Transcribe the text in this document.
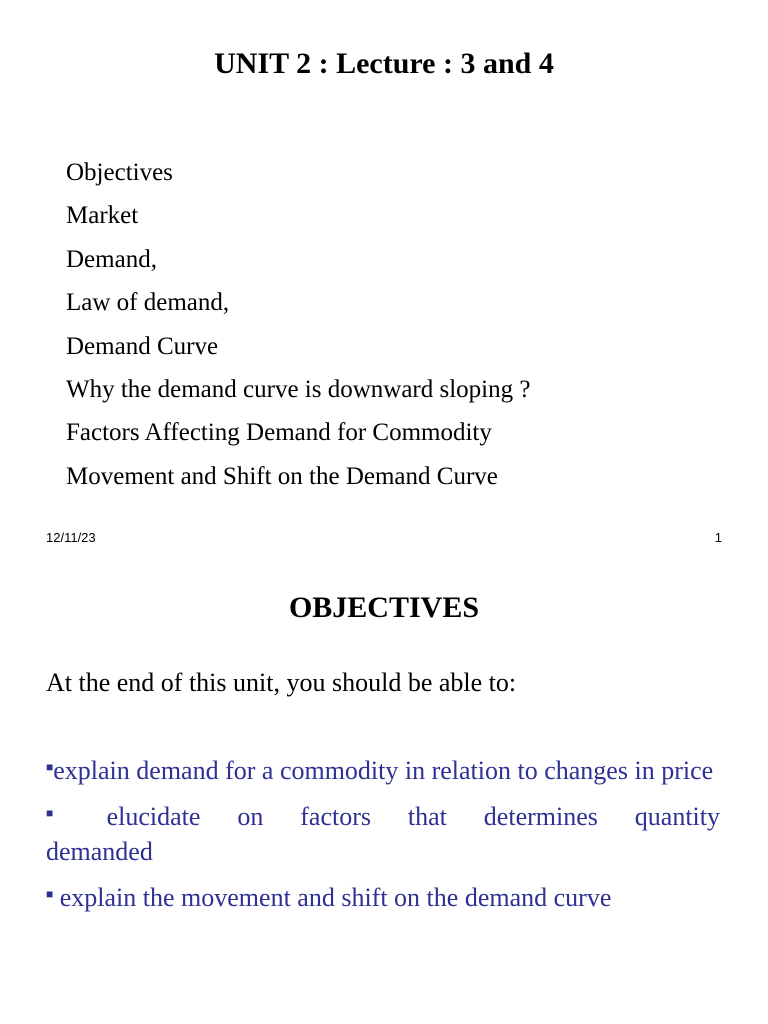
UNIT 2 : Lecture : 3 and 4
Objectives
Market
Demand,
Law of demand,
Demand Curve
Why the demand curve is downward sloping ?
Factors Affecting Demand for Commodity
Movement and Shift on the Demand Curve
12/11/23	1
OBJECTIVES
At the end of this unit, you should be able to:
■explain demand for a commodity in relation to changes in price
■ elucidate on factors that determines quantity demanded
■ explain the movement and shift on the demand curve
